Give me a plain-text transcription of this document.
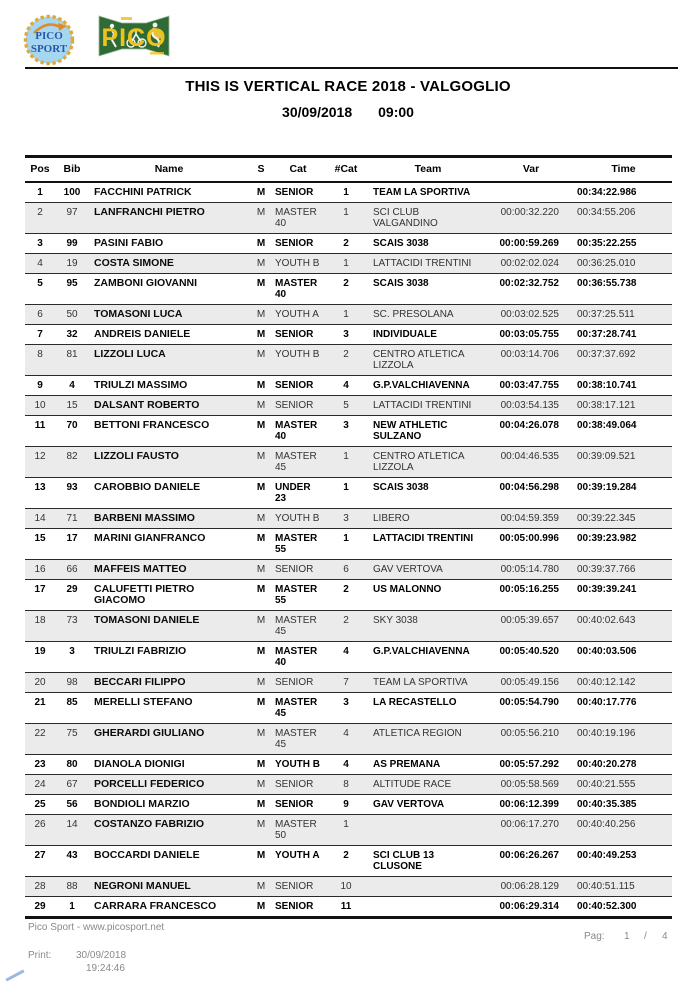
PICO
SPORT PICO
THIS IS VERTICAL RACE 2018 - VALGOGLIO
30/09/2018 09:00
Pos	Bib	Name	S	Cat	#Cat	Team	Var	Time
1	100	FACCHINI PATRICK	M	SENIOR	1	TEAM LA SPORTIVA		00:34:22.986
2	97	LANFRANCHI PIETRO	M	MASTER 40	1	SCI CLUB VALGANDINO	00:00:32.220	00:34:55.206
3	99	PASINI FABIO	M	SENIOR	2	SCAIS 3038	00:00:59.269	00:35:22.255
4	19	COSTA SIMONE	M	YOUTH B	1	LATTACIDI TRENTINI	00:02:02.024	00:36:25.010
5	95	ZAMBONI GIOVANNI	M	MASTER 40	2	SCAIS 3038	00:02:32.752	00:36:55.738
6	50	TOMASONI LUCA	M	YOUTH A	1	SC. PRESOLANA	00:03:02.525	00:37:25.511
7	32	ANDREIS DANIELE	M	SENIOR	3	INDIVIDUALE	00:03:05.755	00:37:28.741
8	81	LIZZOLI LUCA	M	YOUTH B	2	CENTRO ATLETICA LIZZOLA	00:03:14.706	00:37:37.692
9	4	TRIULZI MASSIMO	M	SENIOR	4	G.P.VALCHIAVENNA	00:03:47.755	00:38:10.741
10	15	DALSANT ROBERTO	M	SENIOR	5	LATTACIDI TRENTINI	00:03:54.135	00:38:17.121
11	70	BETTONI FRANCESCO	M	MASTER 40	3	NEW ATHLETIC SULZANO	00:04:26.078	00:38:49.064
12	82	LIZZOLI FAUSTO	M	MASTER 45	1	CENTRO ATLETICA LIZZOLA	00:04:46.535	00:39:09.521
13	93	CAROBBIO DANIELE	M	UNDER 23	1	SCAIS 3038	00:04:56.298	00:39:19.284
14	71	BARBENI MASSIMO	M	YOUTH B	3	LIBERO	00:04:59.359	00:39:22.345
15	17	MARINI GIANFRANCO	M	MASTER 55	1	LATTACIDI TRENTINI	00:05:00.996	00:39:23.982
16	66	MAFFEIS MATTEO	M	SENIOR	6	GAV VERTOVA	00:05:14.780	00:39:37.766
17	29	CALUFETTI PIETRO GIACOMO	M	MASTER 55	2	US MALONNO	00:05:16.255	00:39:39.241
18	73	TOMASONI DANIELE	M	MASTER 45	2	SKY 3038	00:05:39.657	00:40:02.643
19	3	TRIULZI FABRIZIO	M	MASTER 40	4	G.P.VALCHIAVENNA	00:05:40.520	00:40:03.506
20	98	BECCARI FILIPPO	M	SENIOR	7	TEAM LA SPORTIVA	00:05:49.156	00:40:12.142
21	85	MERELLI STEFANO	M	MASTER 45	3	LA RECASTELLO	00:05:54.790	00:40:17.776
22	75	GHERARDI GIULIANO	M	MASTER 45	4	ATLETICA REGION	00:05:56.210	00:40:19.196
23	80	DIANOLA DIONIGI	M	YOUTH B	4	AS PREMANA	00:05:57.292	00:40:20.278
24	67	PORCELLI FEDERICO	M	SENIOR	8	ALTITUDE RACE	00:05:58.569	00:40:21.555
25	56	BONDIOLI MARZIO	M	SENIOR	9	GAV VERTOVA	00:06:12.399	00:40:35.385
26	14	COSTANZO FABRIZIO	M	MASTER 50	1		00:06:17.270	00:40:40.256
27	43	BOCCARDI DANIELE	M	YOUTH A	2	SCI CLUB 13 CLUSONE	00:06:26.267	00:40:49.253
28	88	NEGRONI MANUEL	M	SENIOR	10		00:06:28.129	00:40:51.115
29	1	CARRARA FRANCESCO	M	SENIOR	11		00:06:29.314	00:40:52.300
Pico Sport - www.picosport.net
Print: 30/09/2018
19:24:46
Pag: 1 / 4
